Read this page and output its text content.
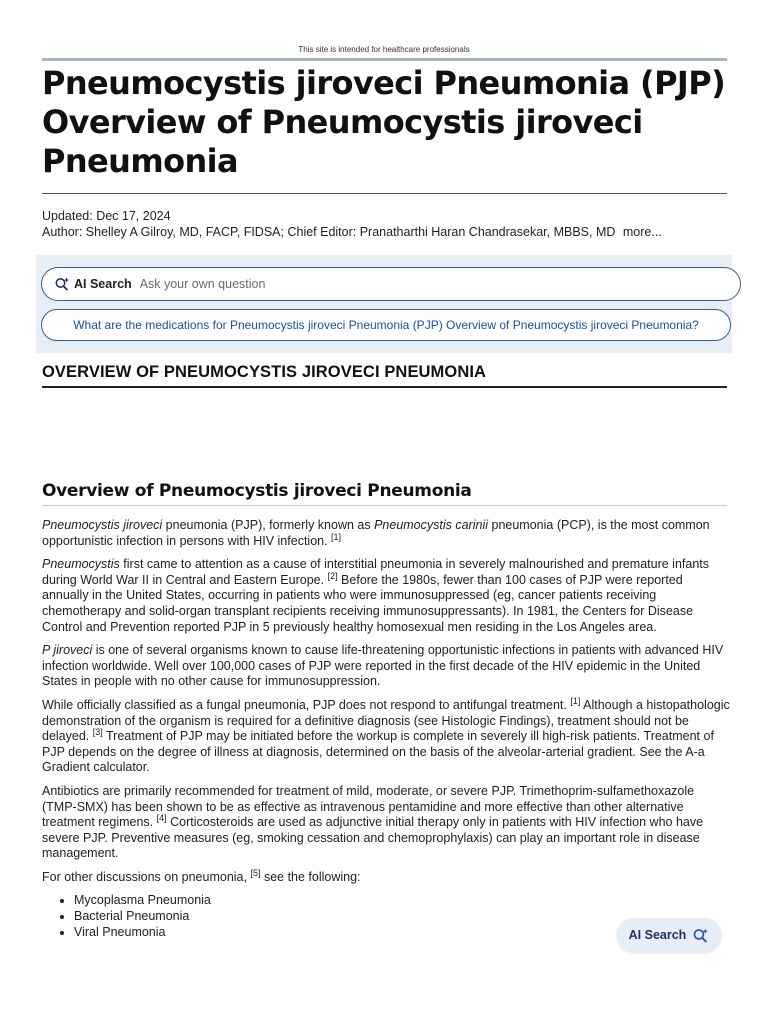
This site is intended for healthcare professionals
Pneumocystis jiroveci Pneumonia (PJP) Overview of Pneumocystis jiroveci Pneumonia
Updated: Dec 17, 2024
Author: Shelley A Gilroy, MD, FACP, FIDSA; Chief Editor: Pranatharthi Haran Chandrasekar, MBBS, MD more...
AI Search
Ask your own question
What are the medications for Pneumocystis jiroveci Pneumonia (PJP) Overview of Pneumocystis jiroveci Pneumonia?
OVERVIEW OF PNEUMOCYSTIS JIROVECI PNEUMONIA
Overview of Pneumocystis jiroveci Pneumonia

Pneumocystis jiroveci pneumonia (PJP), formerly known as Pneumocystis carinii pneumonia (PCP), is the most common opportunistic infection in persons with HIV infection. [1]

Pneumocystis first came to attention as a cause of interstitial pneumonia in severely malnourished and premature infants during World War II in Central and Eastern Europe. [2] Before the 1980s, fewer than 100 cases of PJP were reported annually in the United States, occurring in patients who were immunosuppressed (eg, cancer patients receiving chemotherapy and solid-organ transplant recipients receiving immunosuppressants). In 1981, the Centers for Disease Control and Prevention reported PJP in 5 previously healthy homosexual men residing in the Los Angeles area.

P jiroveci is one of several organisms known to cause life-threatening opportunistic infections in patients with advanced HIV infection worldwide. Well over 100,000 cases of PJP were reported in the first decade of the HIV epidemic in the United States in people with no other cause for immunosuppression.

While officially classified as a fungal pneumonia, PJP does not respond to antifungal treatment. [1] Although a histopathologic demonstration of the organism is required for a definitive diagnosis (see Histologic Findings), treatment should not be delayed. [3] Treatment of PJP may be initiated before the workup is complete in severely ill high-risk patients. Treatment of PJP depends on the degree of illness at diagnosis, determined on the basis of the alveolar-arterial gradient. See the A-a Gradient calculator.

Antibiotics are primarily recommended for treatment of mild, moderate, or severe PJP. Trimethoprim-sulfamethoxazole (TMP-SMX) has been shown to be as effective as intravenous pentamidine and more effective than other alternative treatment regimens. [4] Corticosteroids are used as adjunctive initial therapy only in patients with HIV infection who have severe PJP. Preventive measures (eg, smoking cessation and chemoprophylaxis) can play an important role in disease management.

For other discussions on pneumonia, [5] see the following:

• Mycoplasma Pneumonia
• Bacterial Pneumonia
• Viral Pneumonia	AI Search
